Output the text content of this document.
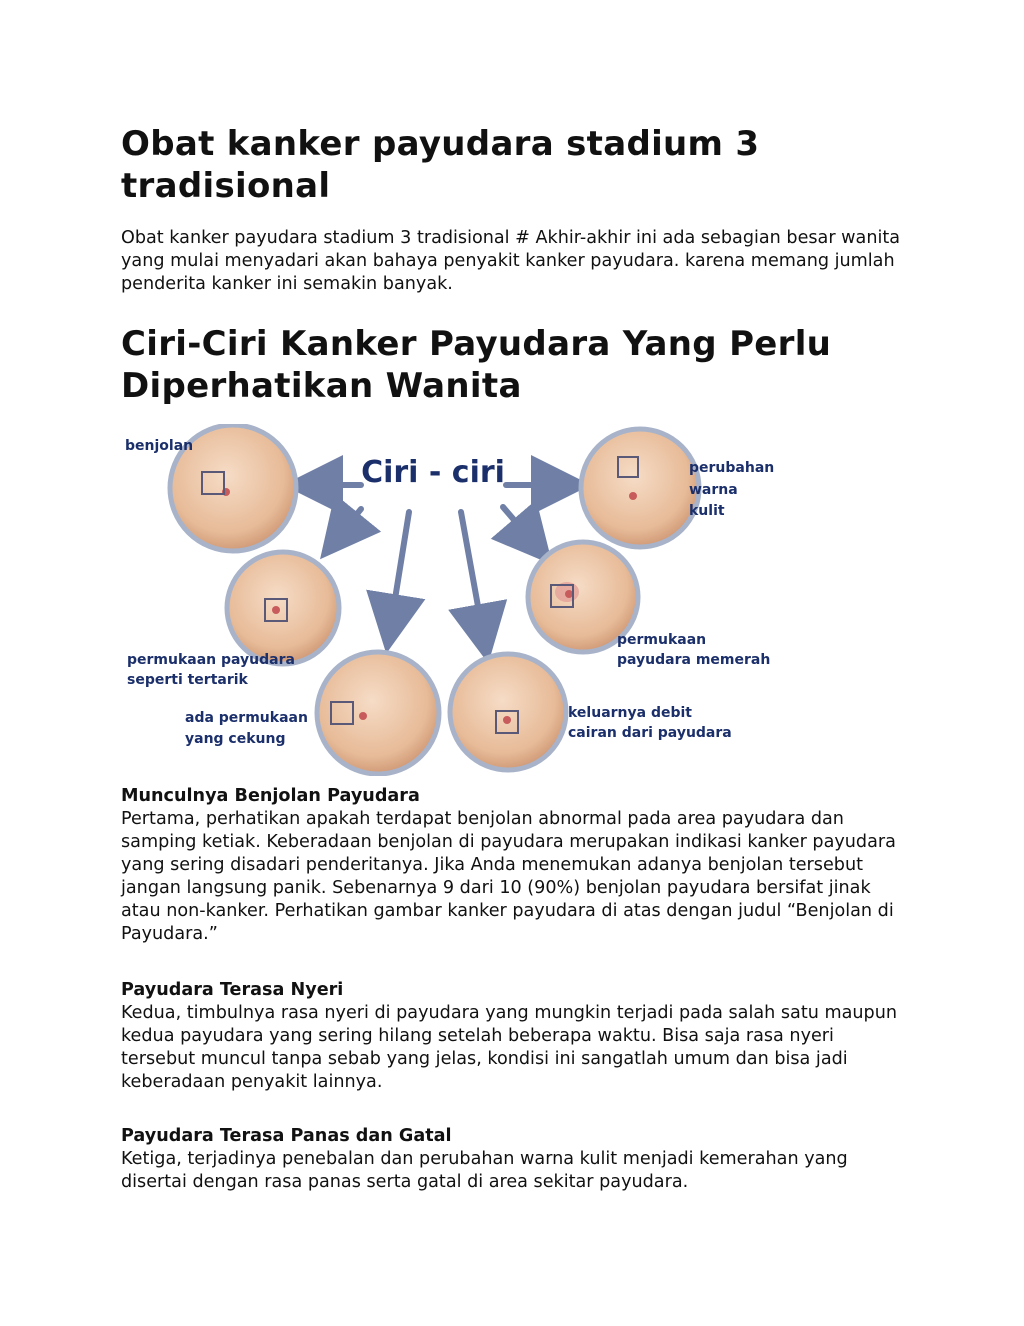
Obat kanker payudara stadium 3 tradisional

Obat kanker payudara stadium 3 tradisional # Akhir-akhir ini ada sebagian besar wanita yang mulai menyadari akan bahaya penyakit kanker payudara. karena memang jumlah penderita kanker ini semakin banyak.

Ciri-Ciri Kanker Payudara Yang Perlu Diperhatikan Wanita
Ciri - ciri
benjolan
perubahan
warna
kulit
permukaan payudara
seperti tertarik
permukaan
payudara memerah
ada permukaan
yang cekung
keluarnya debit
cairan dari payudara
Munculnya Benjolan Payudara
Pertama, perhatikan apakah terdapat benjolan abnormal pada area payudara dan samping ketiak. Keberadaan benjolan di payudara merupakan indikasi kanker payudara yang sering disadari penderitanya. Jika Anda menemukan adanya benjolan tersebut jangan langsung panik. Sebenarnya 9 dari 10 (90%) benjolan payudara bersifat jinak atau non-kanker. Perhatikan gambar kanker payudara di atas dengan judul “Benjolan di Payudara.”
Payudara Terasa Nyeri
Kedua, timbulnya rasa nyeri di payudara yang mungkin terjadi pada salah satu maupun kedua payudara yang sering hilang setelah beberapa waktu. Bisa saja rasa nyeri tersebut muncul tanpa sebab yang jelas, kondisi ini sangatlah umum dan bisa jadi keberadaan penyakit lainnya.
Payudara Terasa Panas dan Gatal
Ketiga, terjadinya penebalan dan perubahan warna kulit menjadi kemerahan yang disertai dengan rasa panas serta gatal di area sekitar payudara.
